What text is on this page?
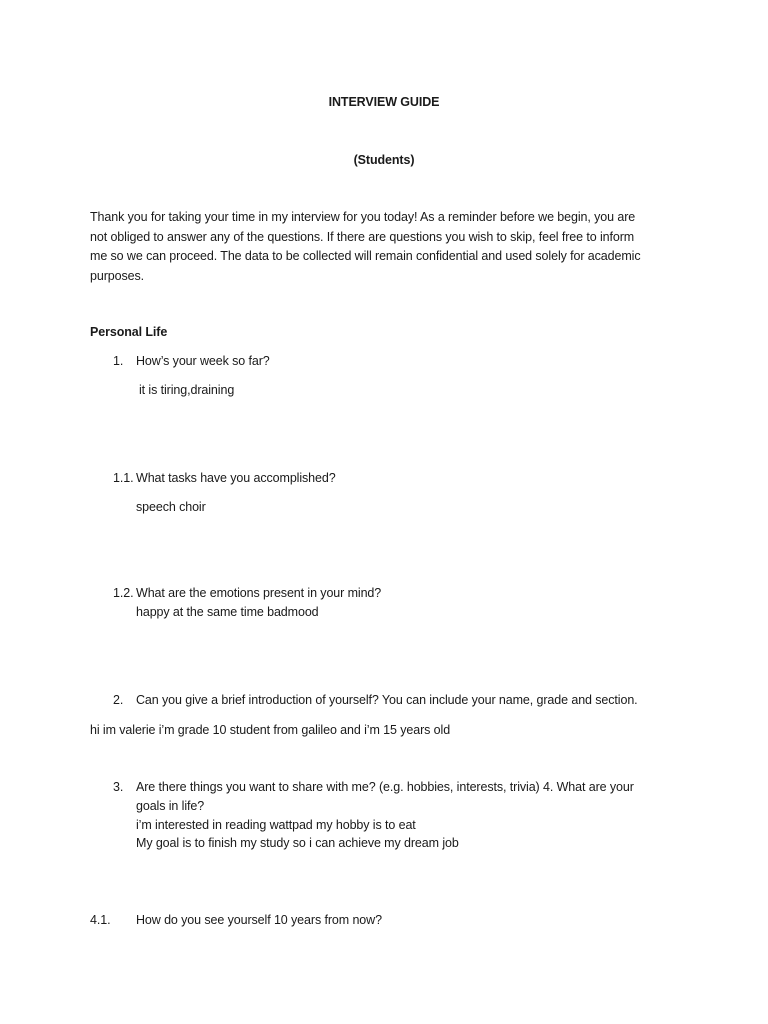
INTERVIEW GUIDE
(Students)
Thank you for taking your time in my interview for you today! As a reminder before we begin, you are
not obliged to answer any of the questions. If there are questions you wish to skip, feel free to inform
me so we can proceed. The data to be collected will remain confidential and used solely for academic
purposes.
Personal Life
1. How’s your week so far?
it is tiring,draining
1.1. What tasks have you accomplished?
speech choir
1.2. What are the emotions present in your mind?
happy at the same time badmood
2. Can you give a brief introduction of yourself? You can include your name, grade and section.
hi im valerie i’m grade 10 student from galileo and i’m 15 years old
3. Are there things you want to share with me? (e.g. hobbies, interests, trivia) 4. What are your
goals in life?
i’m interested in reading wattpad my hobby is to eat
My goal is to finish my study so i can achieve my dream job
4.1. How do you see yourself 10 years from now?
